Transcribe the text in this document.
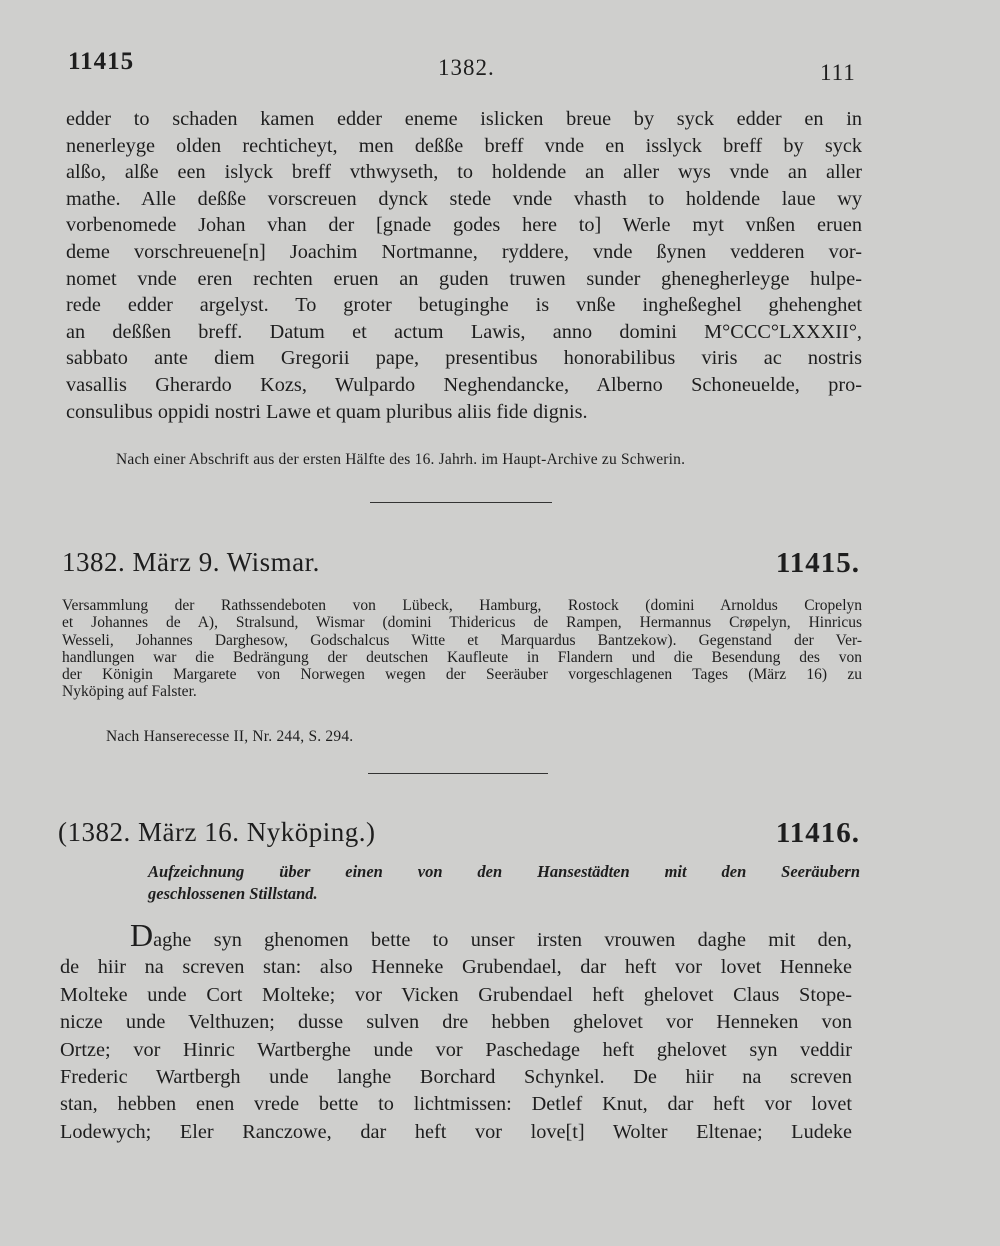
11415	1382.	111
edder to schaden kamen edder eneme islicken breue by syck edder en in
nenerleyge olden rechticheyt, men deßße breff vnde en isslyck breff by syck
alßo, alße een islyck breff vthwyseth, to holdende an aller wys vnde an aller
mathe. Alle deßße vorscreuen dynck stede vnde vhasth to holdende laue wy
vorbenomede Johan vhan der [gnade godes here to] Werle myt vnßen eruen
deme vorschreuene[n] Joachim Nortmanne, ryddere, vnde ßynen vedderen vor-
nomet vnde eren rechten eruen an guden truwen sunder ghenegherleyge hulpe-
rede edder argelyst. To groter betuginghe is vnße ingheßeghel ghehenghet
an deßßen breff. Datum et actum Lawis, anno domini M°CCC°LXXXII°,
sabbato ante diem Gregorii pape, presentibus honorabilibus viris ac nostris
vasallis Gherardo Kozs, Wulpardo Neghendancke, Alberno Schoneuelde, pro-
consulibus oppidi nostri Lawe et quam pluribus aliis fide dignis.
Nach einer Abschrift aus der ersten Hälfte des 16. Jahrh. im Haupt-Archive zu Schwerin.
1382. März 9. Wismar.	11415.
Versammlung der Rathssendeboten von Lübeck, Hamburg, Rostock (domini Arnoldus Cropelyn
et Johannes de A), Stralsund, Wismar (domini Thidericus de Rampen, Hermannus Crøpelyn, Hinricus
Wesseli, Johannes Darghesow, Godschalcus Witte et Marquardus Bantzekow). Gegenstand der Ver-
handlungen war die Bedrängung der deutschen Kaufleute in Flandern und die Besendung des von
der Königin Margarete von Norwegen wegen der Seeräuber vorgeschlagenen Tages (März 16) zu
Nyköping auf Falster.
Nach Hanserecesse II, Nr. 244, S. 294.
(1382. März 16. Nyköping.)	11416.
Aufzeichnung über einen von den Hansestädten mit den Seeräubern
geschlossenen Stillstand.
Daghe syn ghenomen bette to unser irsten vrouwen daghe mit den,
de hiir na screven stan: also Henneke Grubendael, dar heft vor lovet Henneke
Molteke unde Cort Molteke; vor Vicken Grubendael heft ghelovet Claus Stope-
nicze unde Velthuzen; dusse sulven dre hebben ghelovet vor Henneken von
Ortze; vor Hinric Wartberghe unde vor Paschedage heft ghelovet syn veddir
Frederic Wartbergh unde langhe Borchard Schynkel. De hiir na screven
stan, hebben enen vrede bette to lichtmissen: Detlef Knut, dar heft vor lovet
Lodewych; Eler Ranczowe, dar heft vor love[t] Wolter Eltenae; Ludeke
